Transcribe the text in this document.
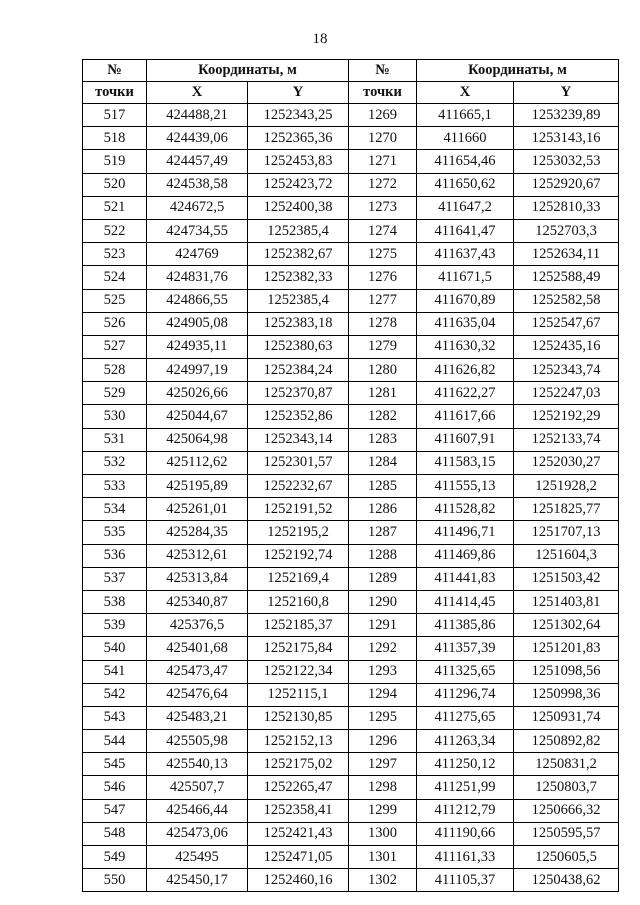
18
№	Координаты, м		№	Координаты, м	
точки	X	Y	точки	X	Y
517	424488,21	1252343,25	1269	411665,1	1253239,89
518	424439,06	1252365,36	1270	411660	1253143,16
519	424457,49	1252453,83	1271	411654,46	1253032,53
520	424538,58	1252423,72	1272	411650,62	1252920,67
521	424672,5	1252400,38	1273	411647,2	1252810,33
522	424734,55	1252385,4	1274	411641,47	1252703,3
523	424769	1252382,67	1275	411637,43	1252634,11
524	424831,76	1252382,33	1276	411671,5	1252588,49
525	424866,55	1252385,4	1277	411670,89	1252582,58
526	424905,08	1252383,18	1278	411635,04	1252547,67
527	424935,11	1252380,63	1279	411630,32	1252435,16
528	424997,19	1252384,24	1280	411626,82	1252343,74
529	425026,66	1252370,87	1281	411622,27	1252247,03
530	425044,67	1252352,86	1282	411617,66	1252192,29
531	425064,98	1252343,14	1283	411607,91	1252133,74
532	425112,62	1252301,57	1284	411583,15	1252030,27
533	425195,89	1252232,67	1285	411555,13	1251928,2
534	425261,01	1252191,52	1286	411528,82	1251825,77
535	425284,35	1252195,2	1287	411496,71	1251707,13
536	425312,61	1252192,74	1288	411469,86	1251604,3
537	425313,84	1252169,4	1289	411441,83	1251503,42
538	425340,87	1252160,8	1290	411414,45	1251403,81
539	425376,5	1252185,37	1291	411385,86	1251302,64
540	425401,68	1252175,84	1292	411357,39	1251201,83
541	425473,47	1252122,34	1293	411325,65	1251098,56
542	425476,64	1252115,1	1294	411296,74	1250998,36
543	425483,21	1252130,85	1295	411275,65	1250931,74
544	425505,98	1252152,13	1296	411263,34	1250892,82
545	425540,13	1252175,02	1297	411250,12	1250831,2
546	425507,7	1252265,47	1298	411251,99	1250803,7
547	425466,44	1252358,41	1299	411212,79	1250666,32
548	425473,06	1252421,43	1300	411190,66	1250595,57
549	425495	1252471,05	1301	411161,33	1250605,5
550	425450,17	1252460,16	1302	411105,37	1250438,62
